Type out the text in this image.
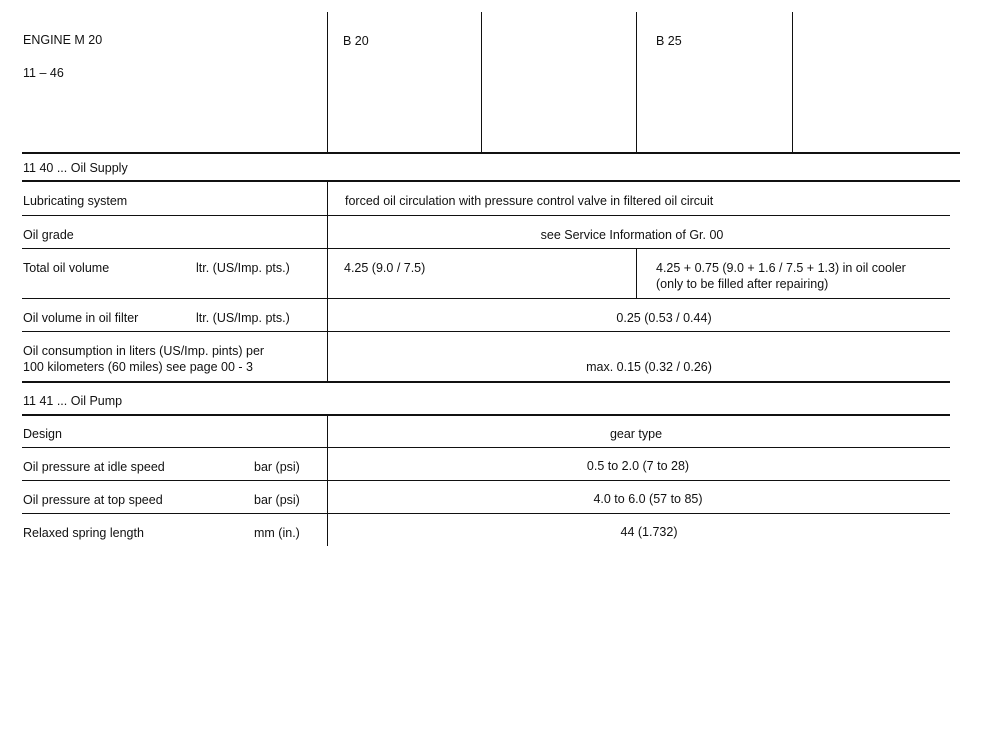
ENGINE M 20
11 – 46
B 20	B 25
11 40 ... Oil Supply
Lubricating system	forced oil circulation with pressure control valve in filtered oil circuit
Oil grade	see Service Information of Gr. 00
Total oil volume	ltr. (US/Imp. pts.)	4.25 (9.0 / 7.5)	4.25 + 0.75 (9.0 + 1.6 / 7.5 + 1.3) in oil cooler
(only to be filled after repairing)
Oil volume in oil filter	ltr. (US/Imp. pts.)	0.25 (0.53 / 0.44)
Oil consumption in liters (US/Imp. pints) per
100 kilometers (60 miles) see page 00 - 3	max. 0.15 (0.32 / 0.26)
11 41 ... Oil Pump
Design	gear type
Oil pressure at idle speed	bar (psi)	0.5 to 2.0 (7 to 28)
Oil pressure at top speed	bar (psi)	4.0 to 6.0 (57 to 85)
Relaxed spring length	mm (in.)	44 (1.732)
